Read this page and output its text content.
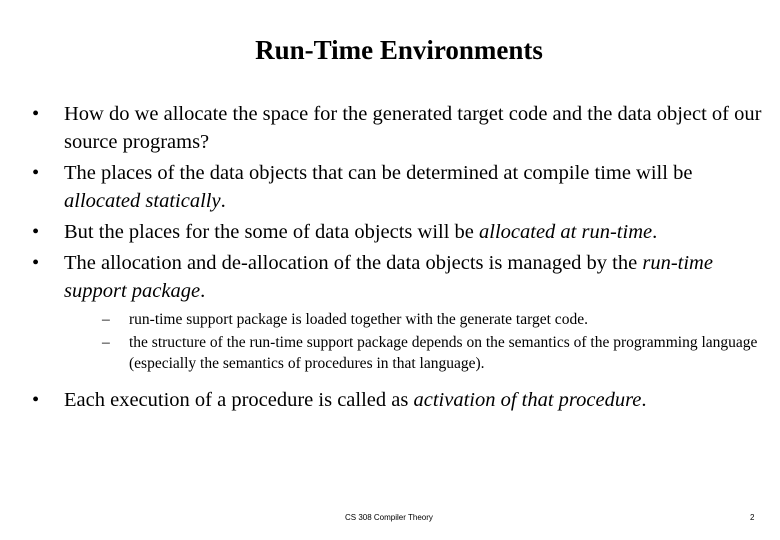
Run-Time Environments
• How do we allocate the space for the generated target code and the data object of our source programs?
• The places of the data objects that can be determined at compile time will be allocated statically.
• But the places for the some of data objects will be allocated at run-time.
• The allocation and de-allocation of the data objects is managed by the run-time support package.
– run-time support package is loaded together with the generate target code.
– the structure of the run-time support package depends on the semantics of the programming language (especially the semantics of procedures in that language).
• Each execution of a procedure is called as activation of that procedure.
CS 308 Compiler Theory	2
